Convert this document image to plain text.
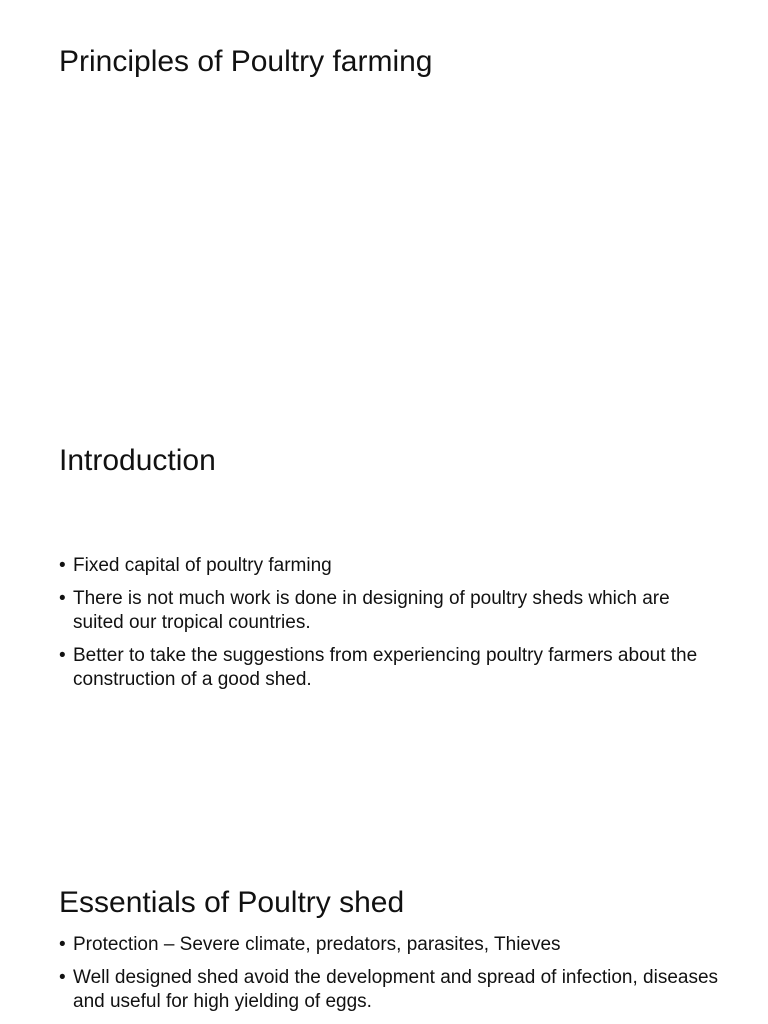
Principles of Poultry farming
Introduction
• Fixed capital of poultry farming
• There is not much work is done in designing of poultry sheds which are suited our tropical countries.
• Better to take the suggestions from experiencing poultry farmers about the construction of a good shed.
Essentials of Poultry shed
• Protection – Severe climate, predators, parasites, Thieves
• Well designed shed avoid the development and spread of infection, diseases and useful for high yielding of eggs.
